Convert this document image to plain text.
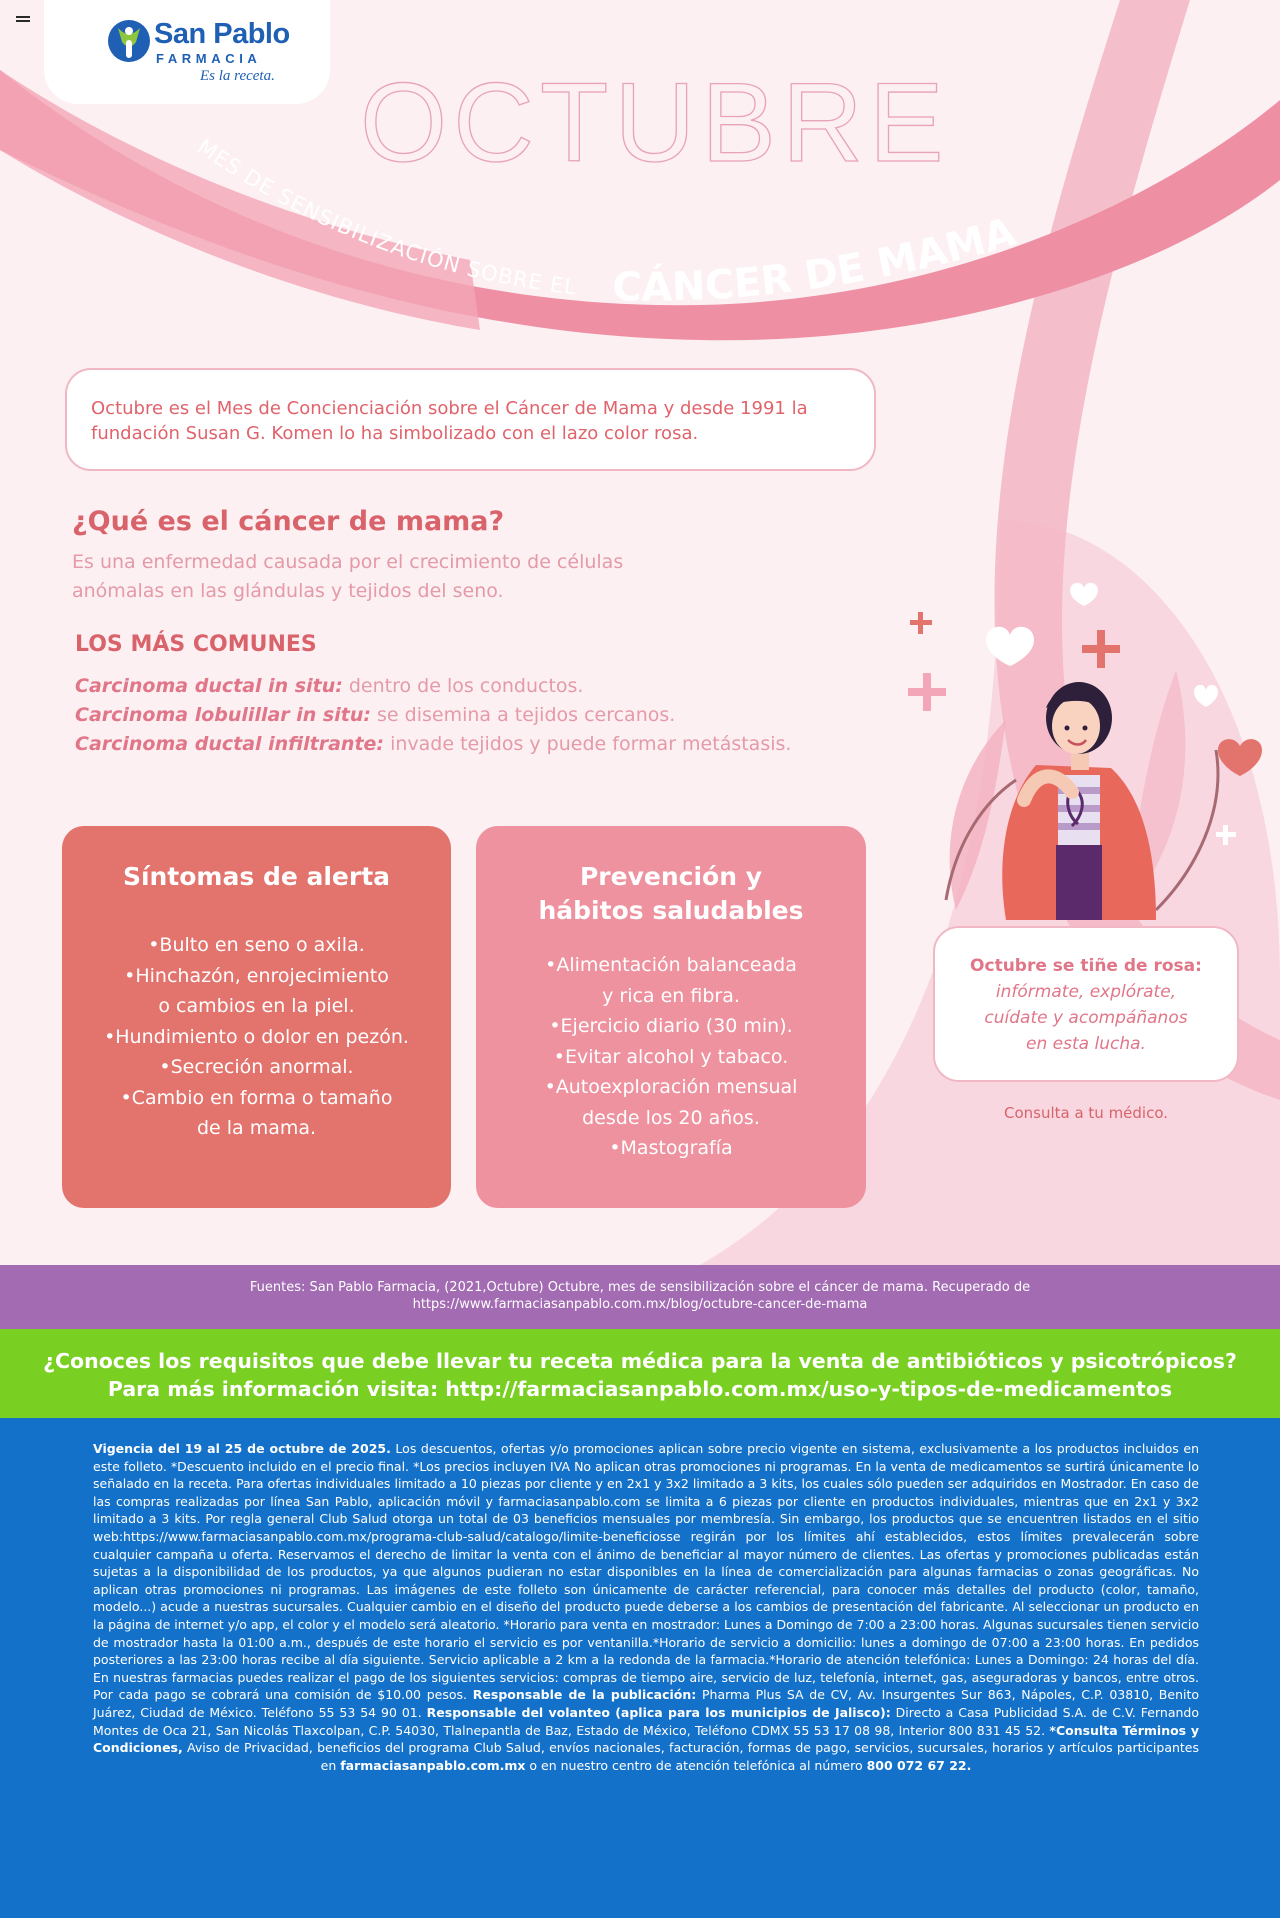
San Pablo
FARMACIA
Es la receta. OCTUBRE
MES DE SENSIBILIZACIÓN SOBRE EL CÁNCER DE MAMA

Octubre es el Mes de Concienciación sobre el Cáncer de Mama y desde 1991 la fundación Susan G. Komen lo ha simbolizado con el lazo color rosa.

¿Qué es el cáncer de mama?
Es una enfermedad causada por el crecimiento de células anómalas en las glándulas y tejidos del seno.
LOS MÁS COMUNES
Carcinoma ductal in situ: dentro de los conductos.
Carcinoma lobulillar in situ: se disemina a tejidos cercanos.
Carcinoma ductal infiltrante: invade tejidos y puede formar metástasis.
Síntomas de alerta
•Bulto en seno o axila.
•Hinchazón, enrojecimiento
o cambios en la piel.
•Hundimiento o dolor en pezón.
•Secreción anormal.
•Cambio en forma o tamaño
de la mama.
Prevención y
hábitos saludables
•Alimentación balanceada
y rica en fibra.
•Ejercicio diario (30 min).
•Evitar alcohol y tabaco.
•Autoexploración mensual
desde los 20 años.
•Mastografía
Octubre se tiñe de rosa:
infórmate, explórate,
cuídate y acompáñanos
en esta lucha.
Consulta a tu médico.
Fuentes: San Pablo Farmacia, (2021,Octubre) Octubre, mes de sensibilización sobre el cáncer de mama. Recuperado de
https://www.farmaciasanpablo.com.mx/blog/octubre-cancer-de-mama
¿Conoces los requisitos que debe llevar tu receta médica para la venta de antibióticos y psicotrópicos?
Para más información visita: http://farmaciasanpablo.com.mx/uso-y-tipos-de-medicamentos

Vigencia del 19 al 25 de octubre de 2025. Los descuentos, ofertas y/o promociones aplican sobre precio vigente en sistema, exclusivamente a los productos incluidos en este folleto. *Descuento incluido en el precio final. *Los precios incluyen IVA No aplican otras promociones ni programas. En la venta de medicamentos se surtirá únicamente lo señalado en la receta. Para ofertas individuales limitado a 10 piezas por cliente y en 2x1 y 3x2 limitado a 3 kits, los cuales sólo pueden ser adquiridos en Mostrador. En caso de las compras realizadas por línea San Pablo, aplicación móvil y farmaciasanpablo.com se limita a 6 piezas por cliente en productos individuales, mientras que en 2x1 y 3x2 limitado a 3 kits. Por regla general Club Salud otorga un total de 03 beneficios mensuales por membresía. Sin embargo, los productos que se encuentren listados en el sitio web:https://www.farmaciasanpablo.com.mx/programa-club-salud/catalogo/limite-beneficiosse regirán por los límites ahí establecidos, estos límites prevalecerán sobre cualquier campaña u oferta. Reservamos el derecho de limitar la venta con el ánimo de beneficiar al mayor número de clientes. Las ofertas y promociones publicadas están sujetas a la disponibilidad de los productos, ya que algunos pudieran no estar disponibles en la línea de comercialización para algunas farmacias o zonas geográficas. No aplican otras promociones ni programas. Las imágenes de este folleto son únicamente de carácter referencial, para conocer más detalles del producto (color, tamaño, modelo...) acude a nuestras sucursales. Cualquier cambio en el diseño del producto puede deberse a los cambios de presentación del fabricante. Al seleccionar un producto en la página de internet y/o app, el color y el modelo será aleatorio. *Horario para venta en mostrador: Lunes a Domingo de 7:00 a 23:00 horas. Algunas sucursales tienen servicio de mostrador hasta la 01:00 a.m., después de este horario el servicio es por ventanilla.*Horario de servicio a domicilio: lunes a domingo de 07:00 a 23:00 horas. En pedidos posteriores a las 23:00 horas recibe al día siguiente. Servicio aplicable a 2 km a la redonda de la farmacia.*Horario de atención telefónica: Lunes a Domingo: 24 horas del día. En nuestras farmacias puedes realizar el pago de los siguientes servicios: compras de tiempo aire, servicio de luz, telefonía, internet, gas, aseguradoras y bancos, entre otros. Por cada pago se cobrará una comisión de $10.00 pesos. Responsable de la publicación: Pharma Plus SA de CV, Av. Insurgentes Sur 863, Nápoles, C.P. 03810, Benito Juárez, Ciudad de México. Teléfono 55 53 54 90 01. Responsable del volanteo (aplica para los municipios de Jalisco): Directo a Casa Publicidad S.A. de C.V. Fernando Montes de Oca 21, San Nicolás Tlaxcolpan, C.P. 54030, Tlalnepantla de Baz, Estado de México, Teléfono CDMX 55 53 17 08 98, Interior 800 831 45 52. *Consulta Términos y Condiciones, Aviso de Privacidad, beneficios del programa Club Salud, envíos nacionales, facturación, formas de pago, servicios, sucursales, horarios y artículos participantes en farmaciasanpablo.com.mx o en nuestro centro de atención telefónica al número 800 072 67 22.
